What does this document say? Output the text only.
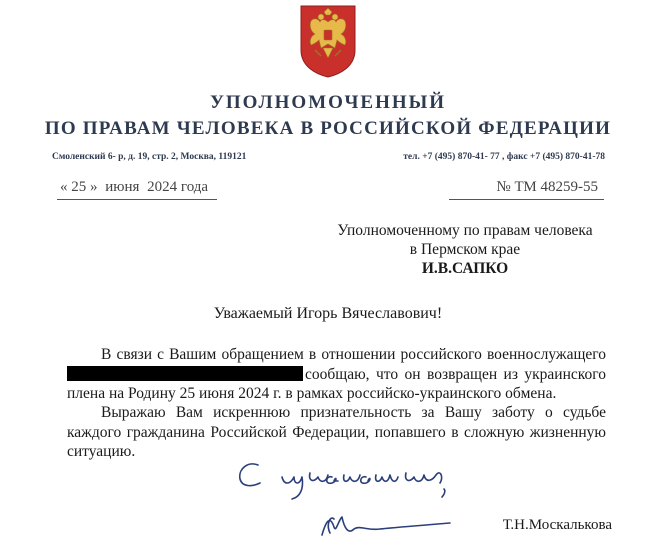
УПОЛНОМОЧЕННЫЙ
ПО ПРАВАМ ЧЕЛОВЕКА В РОССИЙСКОЙ ФЕДЕРАЦИИ
Смоленский 6- р, д. 19, стр. 2, Москва, 119121	тел. +7 (495) 870-41- 77 , факс +7 (495) 870-41-78
« 25 » июня 2024 года	№ ТМ 48259-55
Уполномоченному по правам человека
в Пермском крае
И.В.САПКО
Уважаемый Игорь Вячеславович!
В связи с Вашим обращением в отношении российского военнослужащего сообщаю, что он возвращен из украинского плена на Родину 25 июня 2024 г. в рамках российско-украинского обмена.
Выражаю Вам искреннюю признательность за Вашу заботу о судьбе каждого гражданина Российской Федерации, попавшего в сложную жизненную ситуацию.
Т.Н.Москалькова
